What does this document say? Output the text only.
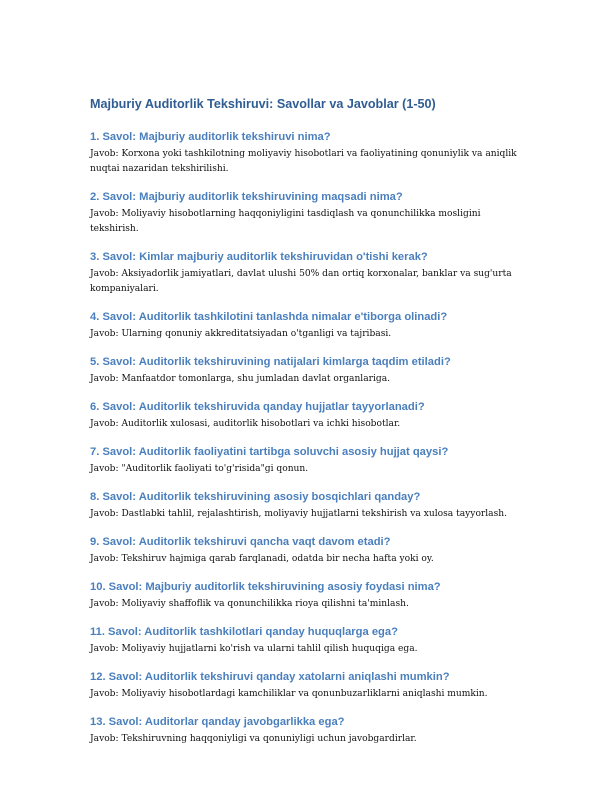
Majburiy Auditorlik Tekshiruvi: Savollar va Javoblar (1-50)
1. Savol: Majburiy auditorlik tekshiruvi nima?

Javob: Korxona yoki tashkilotning moliyaviy hisobotlari va faoliyatining qonuniylik va aniqlik nuqtai nazaridan tekshirilishi.

2. Savol: Majburiy auditorlik tekshiruvining maqsadi nima?

Javob: Moliyaviy hisobotlarning haqqoniyligini tasdiqlash va qonunchilikka mosligini tekshirish.

3. Savol: Kimlar majburiy auditorlik tekshiruvidan o'tishi kerak?

Javob: Aksiyadorlik jamiyatlari, davlat ulushi 50% dan ortiq korxonalar, banklar va sug'urta kompaniyalari.

4. Savol: Auditorlik tashkilotini tanlashda nimalar e'tiborga olinadi?

Javob: Ularning qonuniy akkreditatsiyadan o'tganligi va tajribasi.

5. Savol: Auditorlik tekshiruvining natijalari kimlarga taqdim etiladi?

Javob: Manfaatdor tomonlarga, shu jumladan davlat organlariga.

6. Savol: Auditorlik tekshiruvida qanday hujjatlar tayyorlanadi?

Javob: Auditorlik xulosasi, auditorlik hisobotlari va ichki hisobotlar.

7. Savol: Auditorlik faoliyatini tartibga soluvchi asosiy hujjat qaysi?

Javob: "Auditorlik faoliyati to'g'risida"gi qonun.

8. Savol: Auditorlik tekshiruvining asosiy bosqichlari qanday?

Javob: Dastlabki tahlil, rejalashtirish, moliyaviy hujjatlarni tekshirish va xulosa tayyorlash.

9. Savol: Auditorlik tekshiruvi qancha vaqt davom etadi?

Javob: Tekshiruv hajmiga qarab farqlanadi, odatda bir necha hafta yoki oy.

10. Savol: Majburiy auditorlik tekshiruvining asosiy foydasi nima?

Javob: Moliyaviy shaffoflik va qonunchilikka rioya qilishni ta'minlash.

11. Savol: Auditorlik tashkilotlari qanday huquqlarga ega?

Javob: Moliyaviy hujjatlarni ko'rish va ularni tahlil qilish huquqiga ega.

12. Savol: Auditorlik tekshiruvi qanday xatolarni aniqlashi mumkin?

Javob: Moliyaviy hisobotlardagi kamchiliklar va qonunbuzarliklarni aniqlashi mumkin.

13. Savol: Auditorlar qanday javobgarlikka ega?

Javob: Tekshiruvning haqqoniyligi va qonuniyligi uchun javobgardirlar.
